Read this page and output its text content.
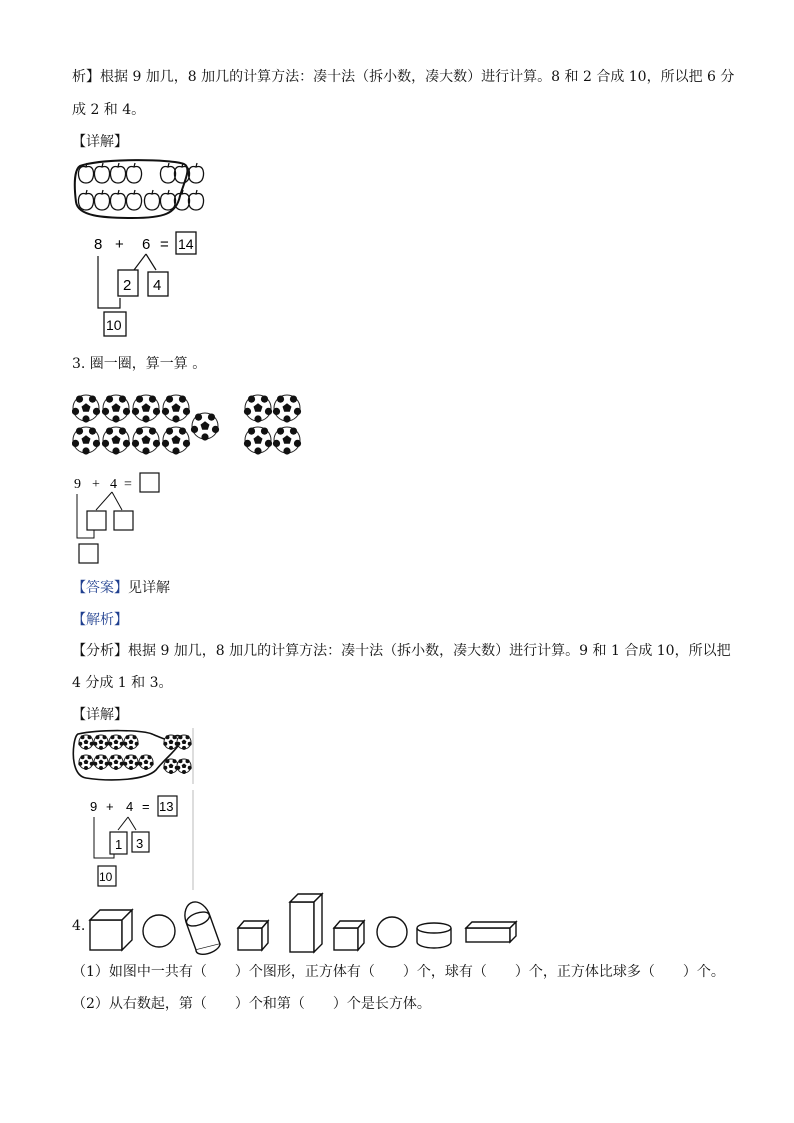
析】根据 9 加几，8 加几的计算方法：凑十法（拆小数，凑大数）进行计算。8 和 2 合成 10，所以把 6 分
成 2 和 4。
【详解】
8 + 6 = 14
2 4
10
3. 圈一圈，算一算 。
9 + 4 =
【答案】见详解
【解析】
【分析】根据 9 加几，8 加几的计算方法：凑十法（拆小数，凑大数）进行计算。9 和 1 合成 10，所以把
4 分成 1 和 3。
【详解】
9 + 4 = 13
1 3
10
4.
（1）如图中一共有（　　）个图形，正方体有（　　）个，球有（　　）个，正方体比球多（　　）个。
（2）从右数起，第（　　）个和第（　　）个是长方体。
